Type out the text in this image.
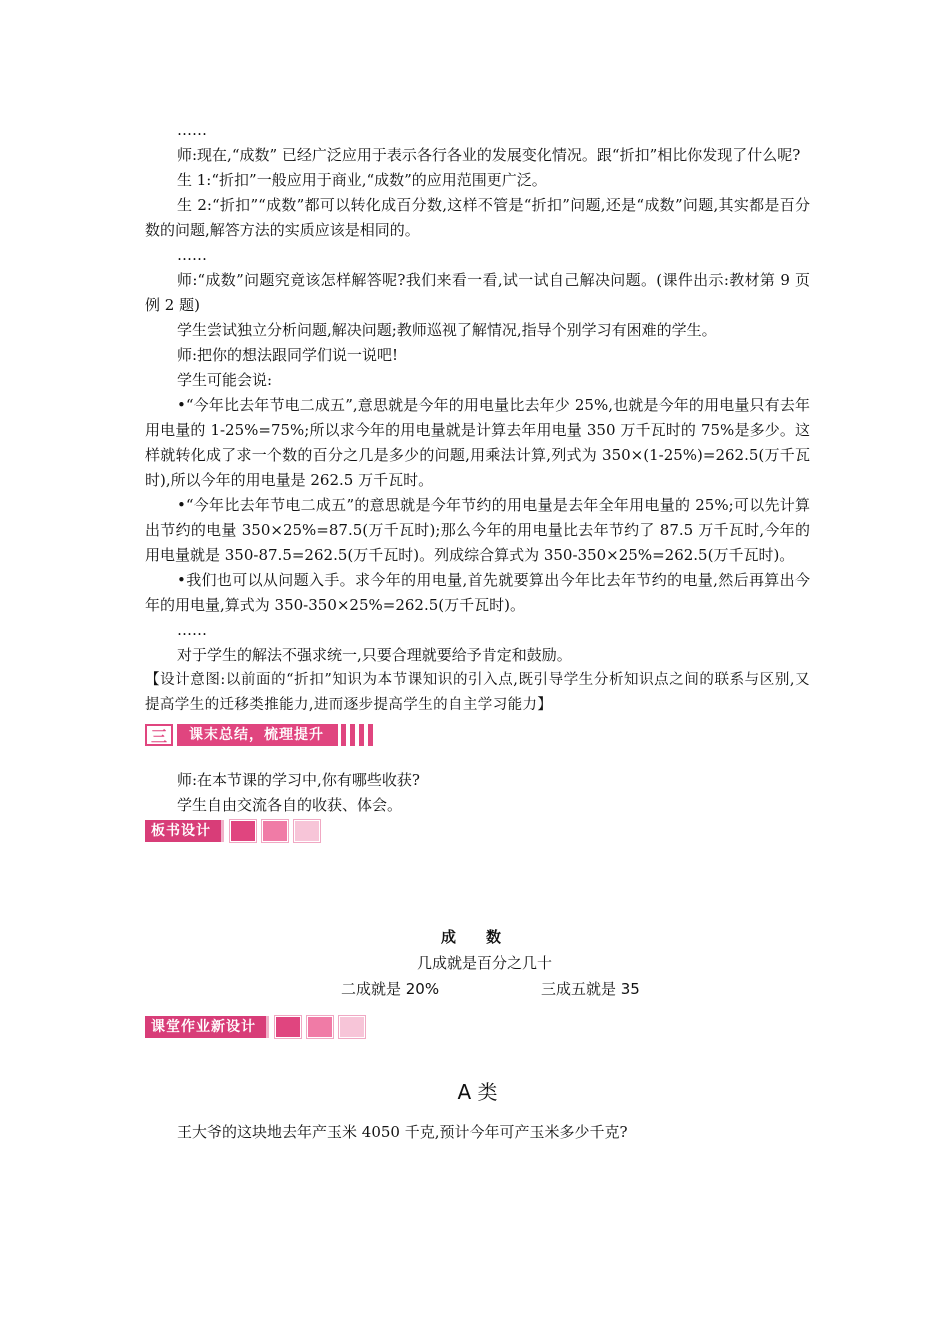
……

师:现在,“成数” 已经广泛应用于表示各行各业的发展变化情况。跟“折扣”相比你发现了什么呢?

生 1:“折扣”一般应用于商业,“成数”的应用范围更广泛。

生 2:“折扣”“成数”都可以转化成百分数,这样不管是“折扣”问题,还是“成数”问题,其实都是百分数的问题,解答方法的实质应该是相同的。

……

师:“成数”问题究竟该怎样解答呢?我们来看一看,试一试自己解决问题。(课件出示:教材第 9 页例 2 题)

学生尝试独立分析问题,解决问题;教师巡视了解情况,指导个别学习有困难的学生。

师:把你的想法跟同学们说一说吧!

学生可能会说:

•“今年比去年节电二成五”,意思就是今年的用电量比去年少 25%,也就是今年的用电量只有去年用电量的 1-25%=75%;所以求今年的用电量就是计算去年用电量 350 万千瓦时的 75%是多少。这样就转化成了求一个数的百分之几是多少的问题,用乘法计算,列式为 350×(1-25%)=262.5(万千瓦时),所以今年的用电量是 262.5 万千瓦时。

•“今年比去年节电二成五”的意思就是今年节约的用电量是去年全年用电量的 25%;可以先计算出节约的电量 350×25%=87.5(万千瓦时);那么今年的用电量比去年节约了 87.5 万千瓦时,今年的用电量就是 350-87.5=262.5(万千瓦时)。列成综合算式为 350-350×25%=262.5(万千瓦时)。

•我们也可以从问题入手。求今年的用电量,首先就要算出今年比去年节约的电量,然后再算出今年的用电量,算式为 350-350×25%=262.5(万千瓦时)。

……

对于学生的解法不强求统一,只要合理就要给予肯定和鼓励。

【设计意图:以前面的“折扣”知识为本节课知识的引入点,既引导学生分析知识点之间的联系与区别,又提高学生的迁移类推能力,进而逐步提高学生的自主学习能力】

三	课末总结，梳理提升

师:在本节课的学习中,你有哪些收获?

学生自由交流各自的收获、体会。

板书设计
成　　数
几成就是百分之几十
二成就是 20%	三成五就是 35
课堂作业新设计
A 类

王大爷的这块地去年产玉米 4050 千克,预计今年可产玉米多少千克?
